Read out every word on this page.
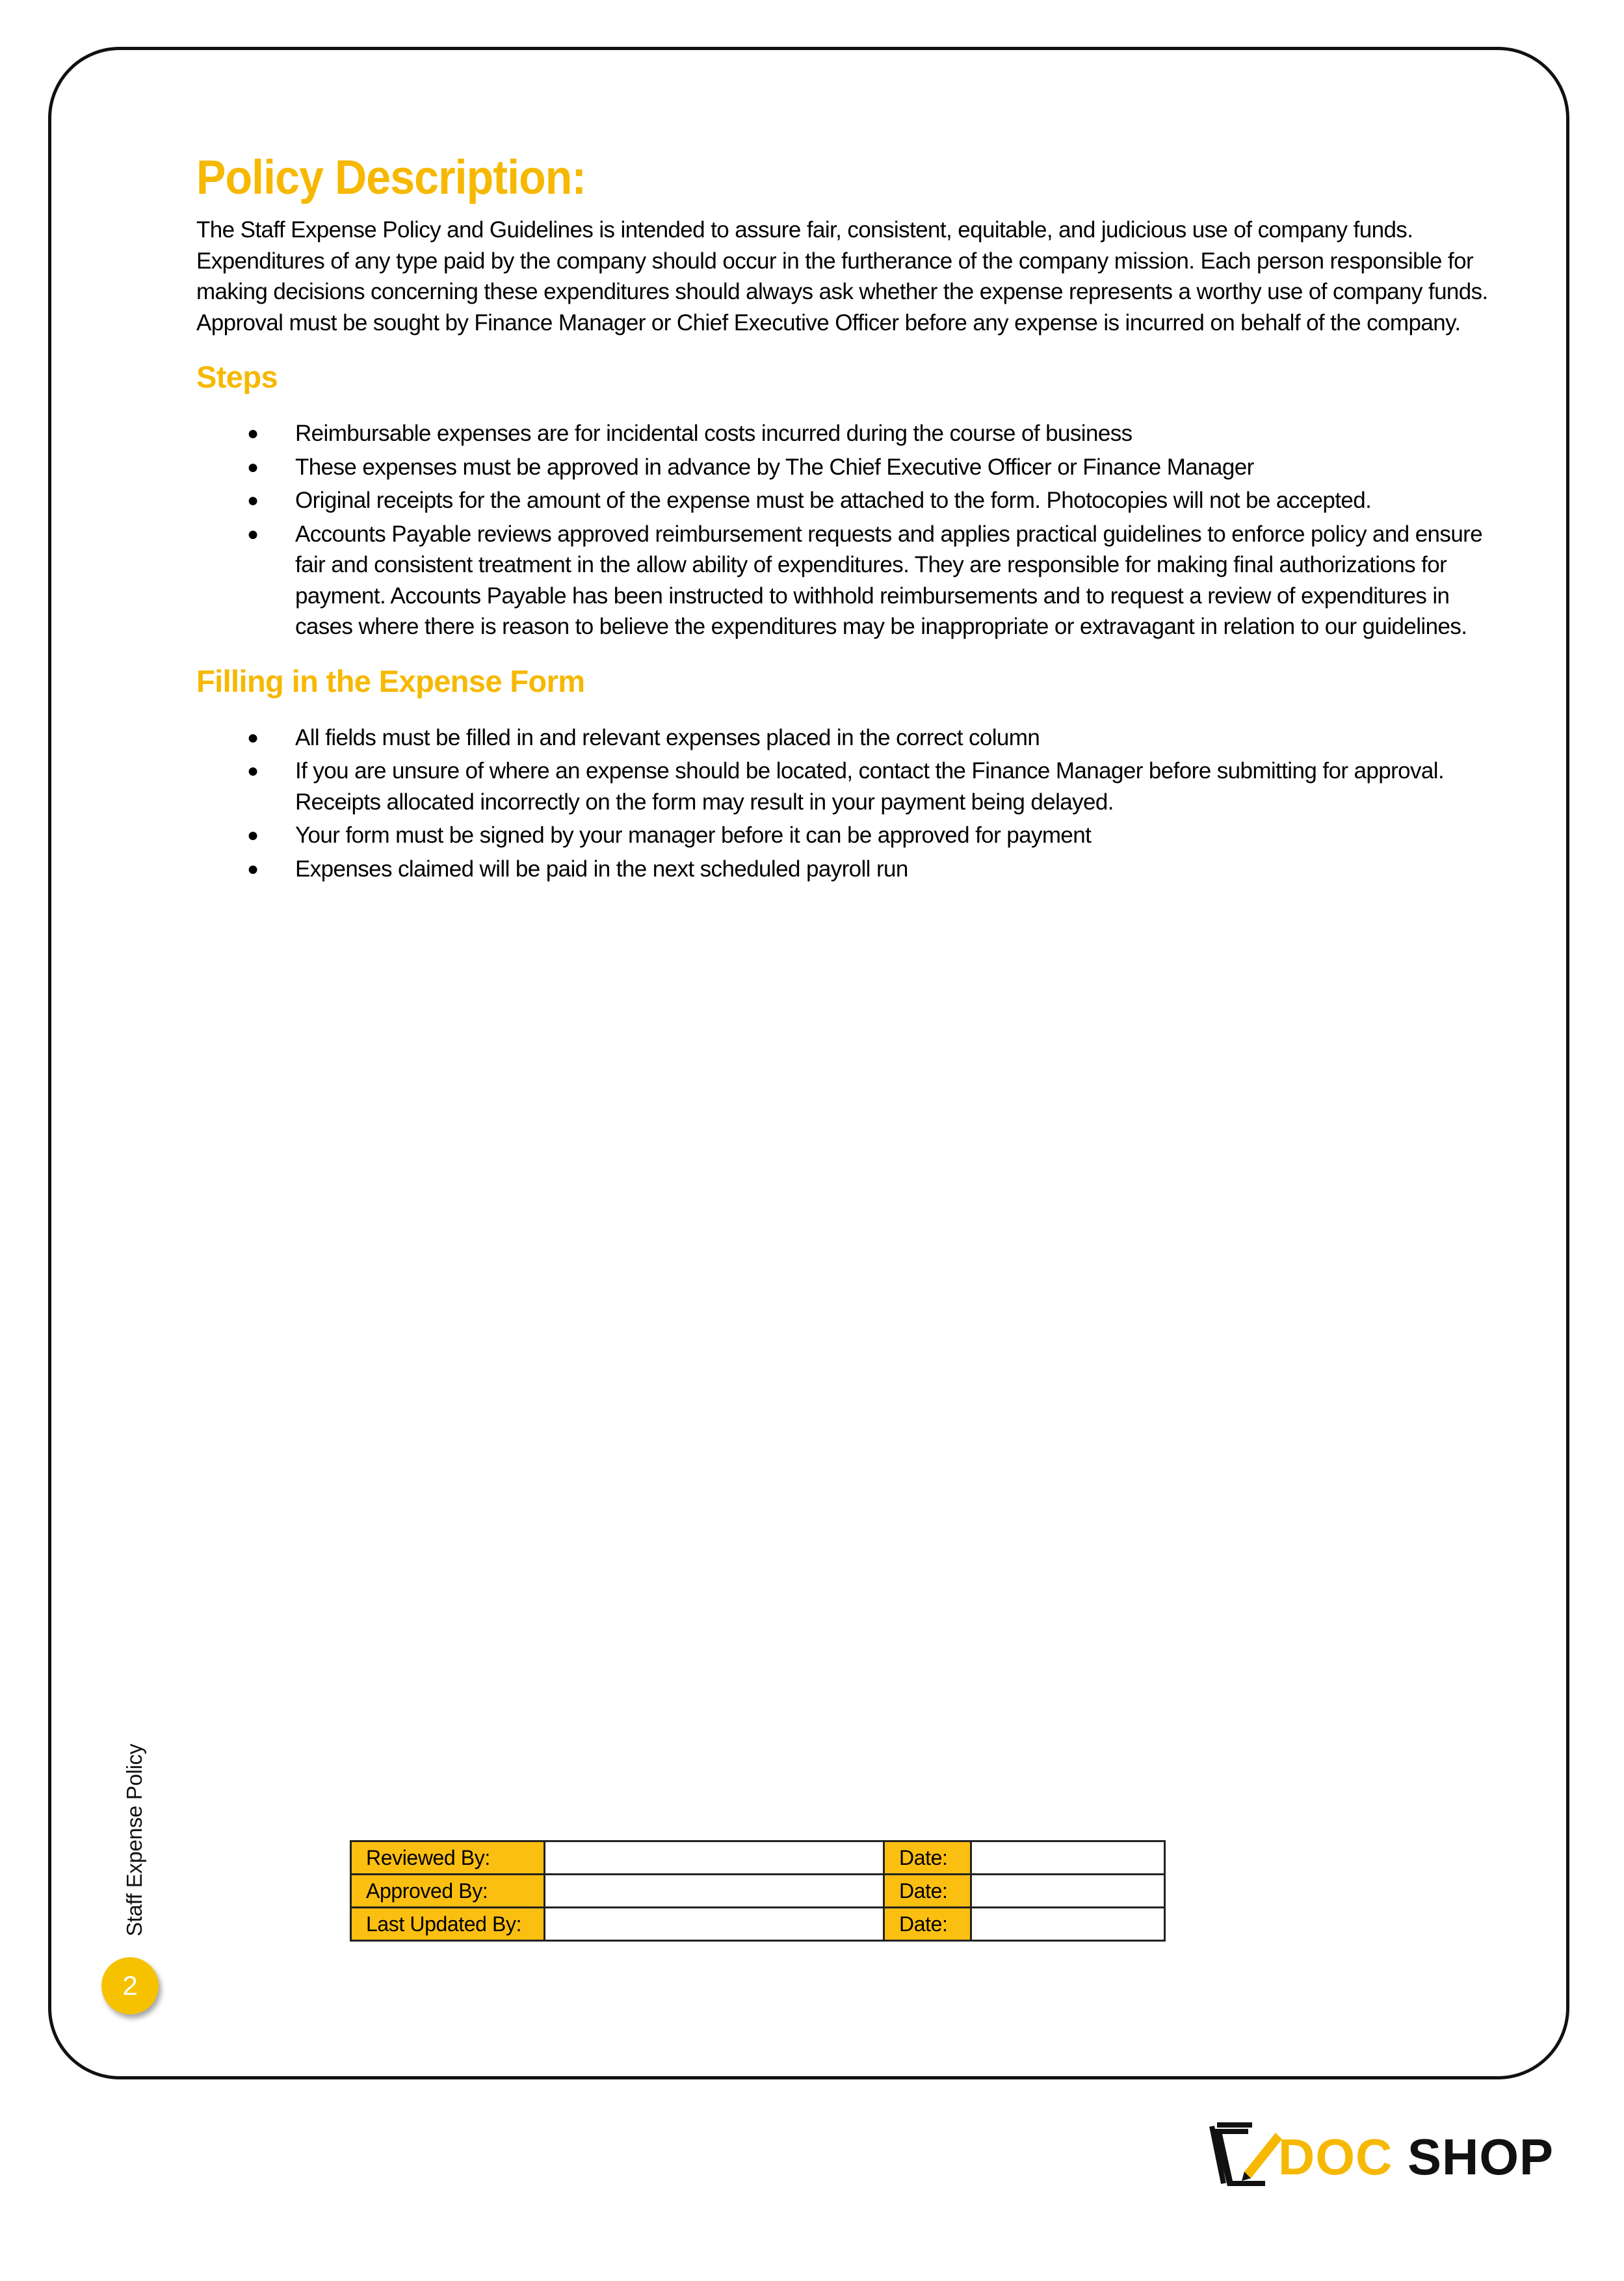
Policy Description:

The Staff Expense Policy and Guidelines is intended to assure fair, consistent, equitable, and judicious use of company funds.
Expenditures of any type paid by the company should occur in the furtherance of the company mission. Each person responsible for
making decisions concerning these expenditures should always ask whether the expense represents a worthy use of company funds.
Approval must be sought by Finance Manager or Chief Executive Officer before any expense is incurred on behalf of the company.

Steps
● Reimbursable expenses are for incidental costs incurred during the course of business
● These expenses must be approved in advance by The Chief Executive Officer or Finance Manager
● Original receipts for the amount of the expense must be attached to the form. Photocopies will not be accepted.
● Accounts Payable reviews approved reimbursement requests and applies practical guidelines to enforce policy and ensure
fair and consistent treatment in the allow ability of expenditures. They are responsible for making final authorizations for
payment. Accounts Payable has been instructed to withhold reimbursements and to request a review of expenditures in
cases where there is reason to believe the expenditures may be inappropriate or extravagant in relation to our guidelines.
Filling in the Expense Form
● All fields must be filled in and relevant expenses placed in the correct column
● If you are unsure of where an expense should be located, contact the Finance Manager before submitting for approval.
Receipts allocated incorrectly on the form may result in your payment being delayed.
● Your form must be signed by your manager before it can be approved for payment
● Expenses claimed will be paid in the next scheduled payroll run
Staff Expense Policy
2
Reviewed By:		Date:	
Approved By:		Date:	
Last Updated By:		Date:	
DOC SHOP
